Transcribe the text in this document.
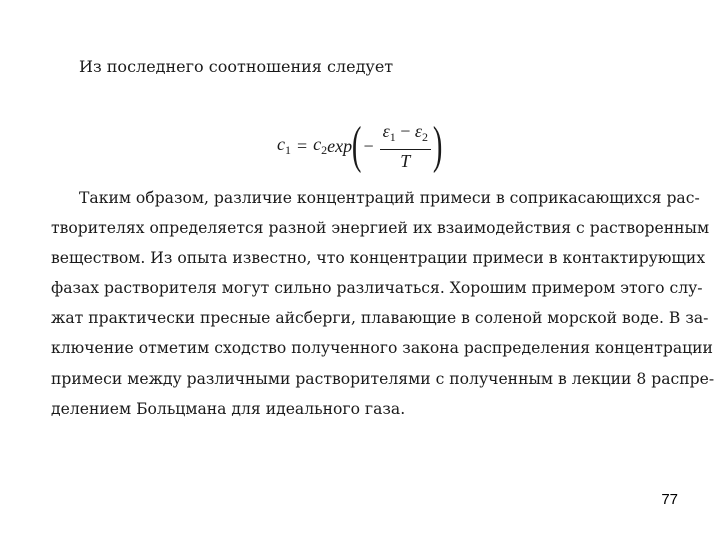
Из последнего соотношения следует
$c_1 = c_2$ exp ( − $\frac{\varepsilon_1 - \varepsilon_2}{T}$ )
Таким образом, различие концентраций примеси в соприкасающихся рас-
творителях определяется разной энергией их взаимодействия с растворенным
веществом. Из опыта известно, что концентрации примеси в контактирующих
фазах растворителя могут сильно различаться. Хорошим примером этого слу-
жат практически пресные айсберги, плавающие в соленой морской воде. В за-
ключение отметим сходство полученного закона распределения концентрации
примеси между различными растворителями с полученным в лекции 8 распре-
делением Больцмана для идеального газа.
77
